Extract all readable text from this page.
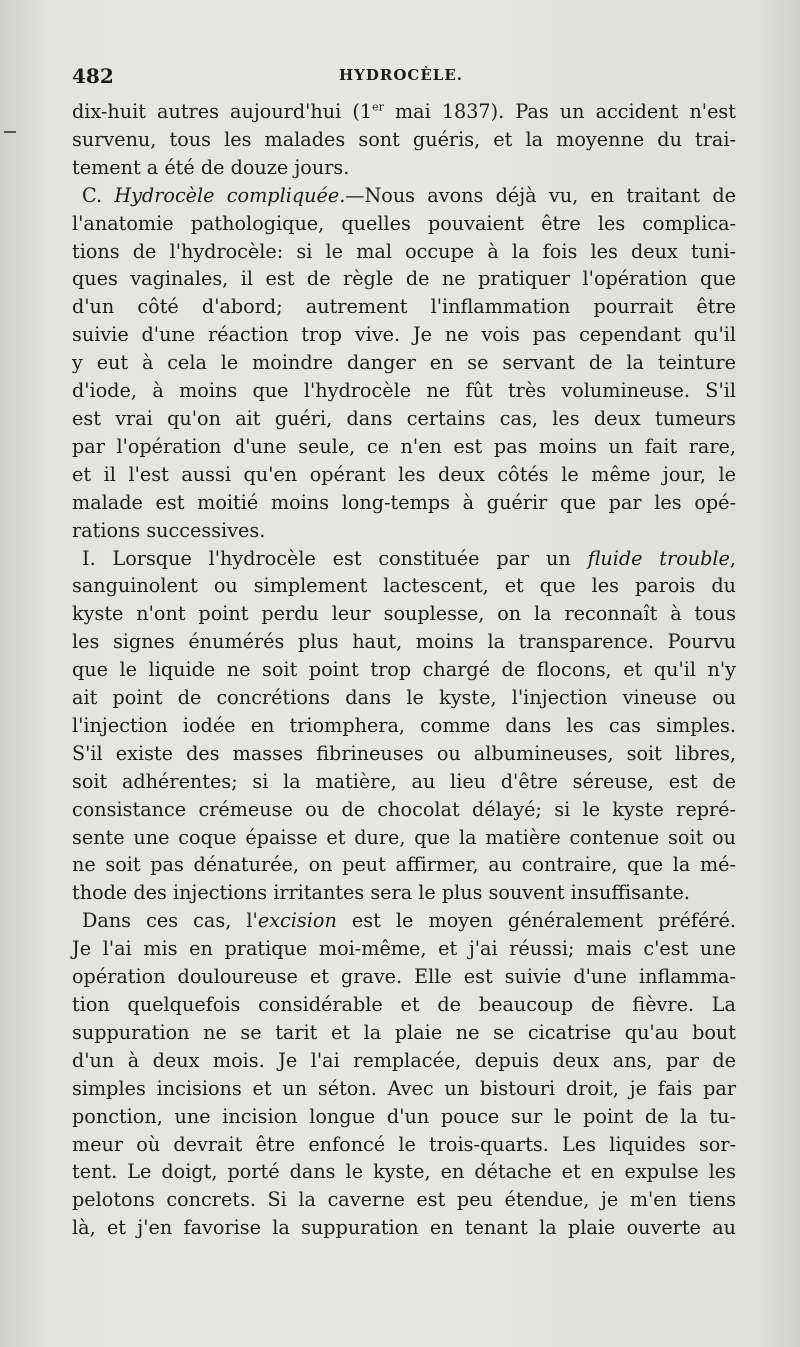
482	HYDROCÈLE.
dix-huit autres aujourd'hui (1er mai 1837). Pas un accident n'est
survenu, tous les malades sont guéris, et la moyenne du trai-
tement a été de douze jours.
C. Hydrocèle compliquée.—Nous avons déjà vu, en traitant de
l'anatomie pathologique, quelles pouvaient être les complica-
tions de l'hydrocèle: si le mal occupe à la fois les deux tuni-
ques vaginales, il est de règle de ne pratiquer l'opération que
d'un côté d'abord; autrement l'inflammation pourrait être
suivie d'une réaction trop vive. Je ne vois pas cependant qu'il
y eut à cela le moindre danger en se servant de la teinture
d'iode, à moins que l'hydrocèle ne fût très volumineuse. S'il
est vrai qu'on ait guéri, dans certains cas, les deux tumeurs
par l'opération d'une seule, ce n'en est pas moins un fait rare,
et il l'est aussi qu'en opérant les deux côtés le même jour, le
malade est moitié moins long-temps à guérir que par les opé-
rations successives.
I. Lorsque l'hydrocèle est constituée par un fluide trouble,
sanguinolent ou simplement lactescent, et que les parois du
kyste n'ont point perdu leur souplesse, on la reconnaît à tous
les signes énumérés plus haut, moins la transparence. Pourvu
que le liquide ne soit point trop chargé de flocons, et qu'il n'y
ait point de concrétions dans le kyste, l'injection vineuse ou
l'injection iodée en triomphera, comme dans les cas simples.
S'il existe des masses fibrineuses ou albumineuses, soit libres,
soit adhérentes; si la matière, au lieu d'être séreuse, est de
consistance crémeuse ou de chocolat délayé; si le kyste repré-
sente une coque épaisse et dure, que la matière contenue soit ou
ne soit pas dénaturée, on peut affirmer, au contraire, que la mé-
thode des injections irritantes sera le plus souvent insuffisante.
Dans ces cas, l'excision est le moyen généralement préféré.
Je l'ai mis en pratique moi-même, et j'ai réussi; mais c'est une
opération douloureuse et grave. Elle est suivie d'une inflamma-
tion quelquefois considérable et de beaucoup de fièvre. La
suppuration ne se tarit et la plaie ne se cicatrise qu'au bout
d'un à deux mois. Je l'ai remplacée, depuis deux ans, par de
simples incisions et un séton. Avec un bistouri droit, je fais par
ponction, une incision longue d'un pouce sur le point de la tu-
meur où devrait être enfoncé le trois-quarts. Les liquides sor-
tent. Le doigt, porté dans le kyste, en détache et en expulse les
pelotons concrets. Si la caverne est peu étendue, je m'en tiens
là, et j'en favorise la suppuration en tenant la plaie ouverte au
